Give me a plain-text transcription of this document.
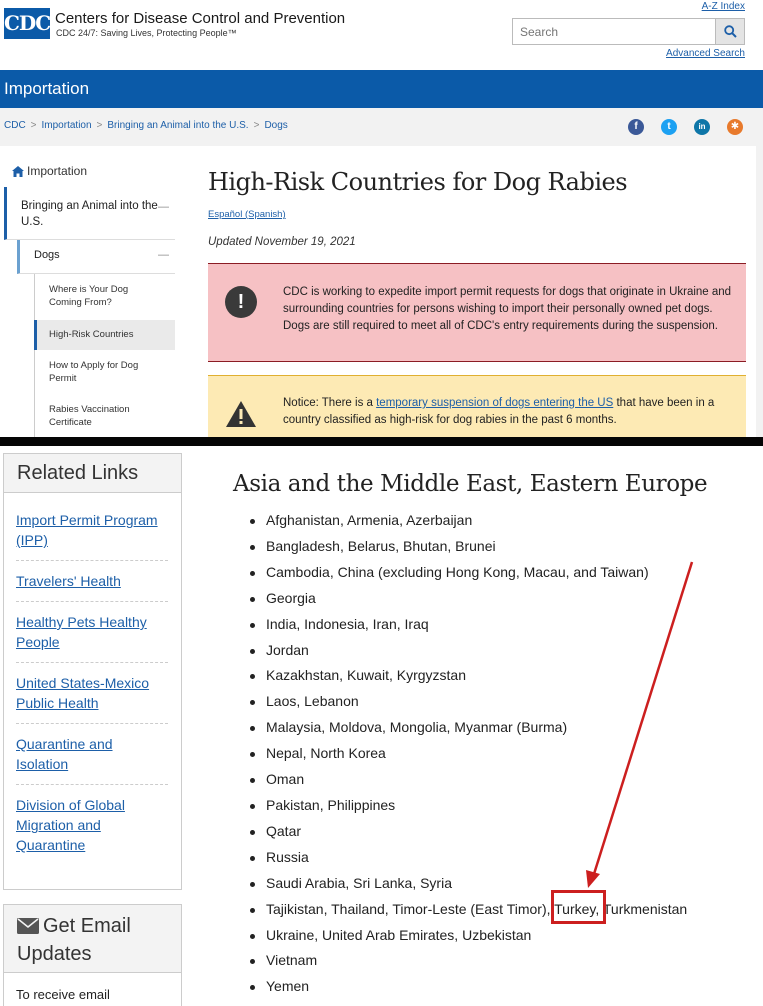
CDC Centers for Disease Control and Prevention
CDC 24/7: Saving Lives, Protecting People™
A-Z Index
Search
Advanced Search
Importation
CDC > Importation > Bringing an Animal into the U.S. > Dogs	f	t	in	✱
Importation
Bringing an Animal into the U.S.
—
Dogs	—
Where is Your Dog Coming From?
High-Risk Countries
How to Apply for Dog Permit
Rabies Vaccination Certificate
High-Risk Countries for Dog Rabies
Español (Spanish)
Updated November 19, 2021
!	CDC is working to expedite import permit requests for dogs that originate in Ukraine and surrounding countries for persons wishing to import their personally owned pet dogs. Dogs are still required to meet all of CDC's entry requirements during the suspension.
Notice: There is a temporary suspension of dogs entering the US that have been in a country classified as high-risk for dog rabies in the past 6 months.
Related Links
Import Permit Program (IPP)
Travelers' Health
Healthy Pets Healthy People
United States-Mexico Public Health
Quarantine and Isolation
Division of Global Migration and Quarantine
Get Email Updates
To receive email
Asia and the Middle East, Eastern Europe
Afghanistan, Armenia, Azerbaijan
Bangladesh, Belarus, Bhutan, Brunei
Cambodia, China (excluding Hong Kong, Macau, and Taiwan)
Georgia
India, Indonesia, Iran, Iraq
Jordan
Kazakhstan, Kuwait, Kyrgyzstan
Laos, Lebanon
Malaysia, Moldova, Mongolia, Myanmar (Burma)
Nepal, North Korea
Oman
Pakistan, Philippines
Qatar
Russia
Saudi Arabia, Sri Lanka, Syria
Tajikistan, Thailand, Timor-Leste (East Timor), Turkey, Turkmenistan
Ukraine, United Arab Emirates, Uzbekistan
Vietnam
Yemen
